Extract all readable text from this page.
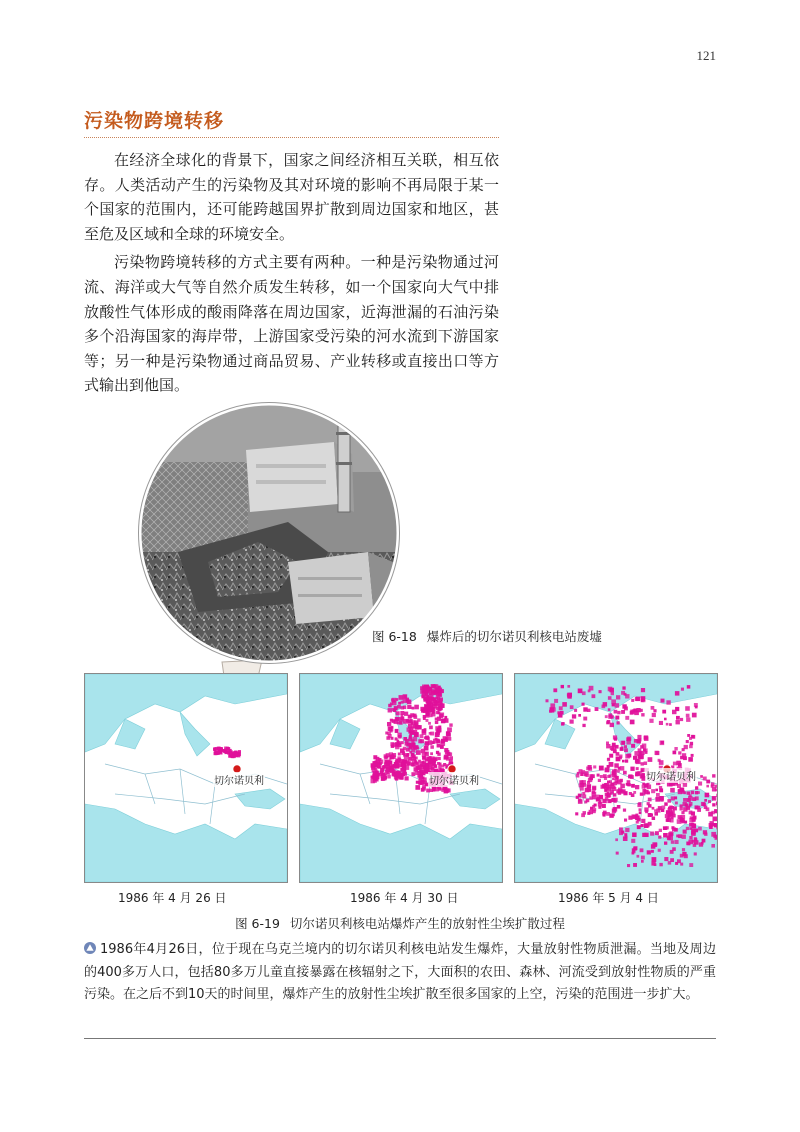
121
污染物跨境转移

在经济全球化的背景下，国家之间经济相互关联，相互依存。人类活动产生的污染物及其对环境的影响不再局限于某一个国家的范围内，还可能跨越国界扩散到周边国家和地区，甚至危及区域和全球的环境安全。

污染物跨境转移的方式主要有两种。一种是污染物通过河流、海洋或大气等自然介质发生转移，如一个国家向大气中排放酸性气体形成的酸雨降落在周边国家，近海泄漏的石油污染多个沿海国家的海岸带，上游国家受污染的河水流到下游国家等；另一种是污染物通过商品贸易、产业转移或直接出口等方式输出到他国。

图 6-18 爆炸后的切尔诺贝利核电站废墟
切尔诺贝利	切尔诺贝利	切尔诺贝利
1986 年 4 月 26 日	1986 年 4 月 30 日	1986 年 5 月 4 日
图 6-19 切尔诺贝利核电站爆炸产生的放射性尘埃扩散过程
1986年4月26日，位于现在乌克兰境内的切尔诺贝利核电站发生爆炸，大量放射性物质泄漏。当地及周边的400多万人口，包括80多万儿童直接暴露在核辐射之下，大面积的农田、森林、河流受到放射性物质的严重污染。在之后不到10天的时间里，爆炸产生的放射性尘埃扩散至很多国家的上空，污染的范围进一步扩大。
